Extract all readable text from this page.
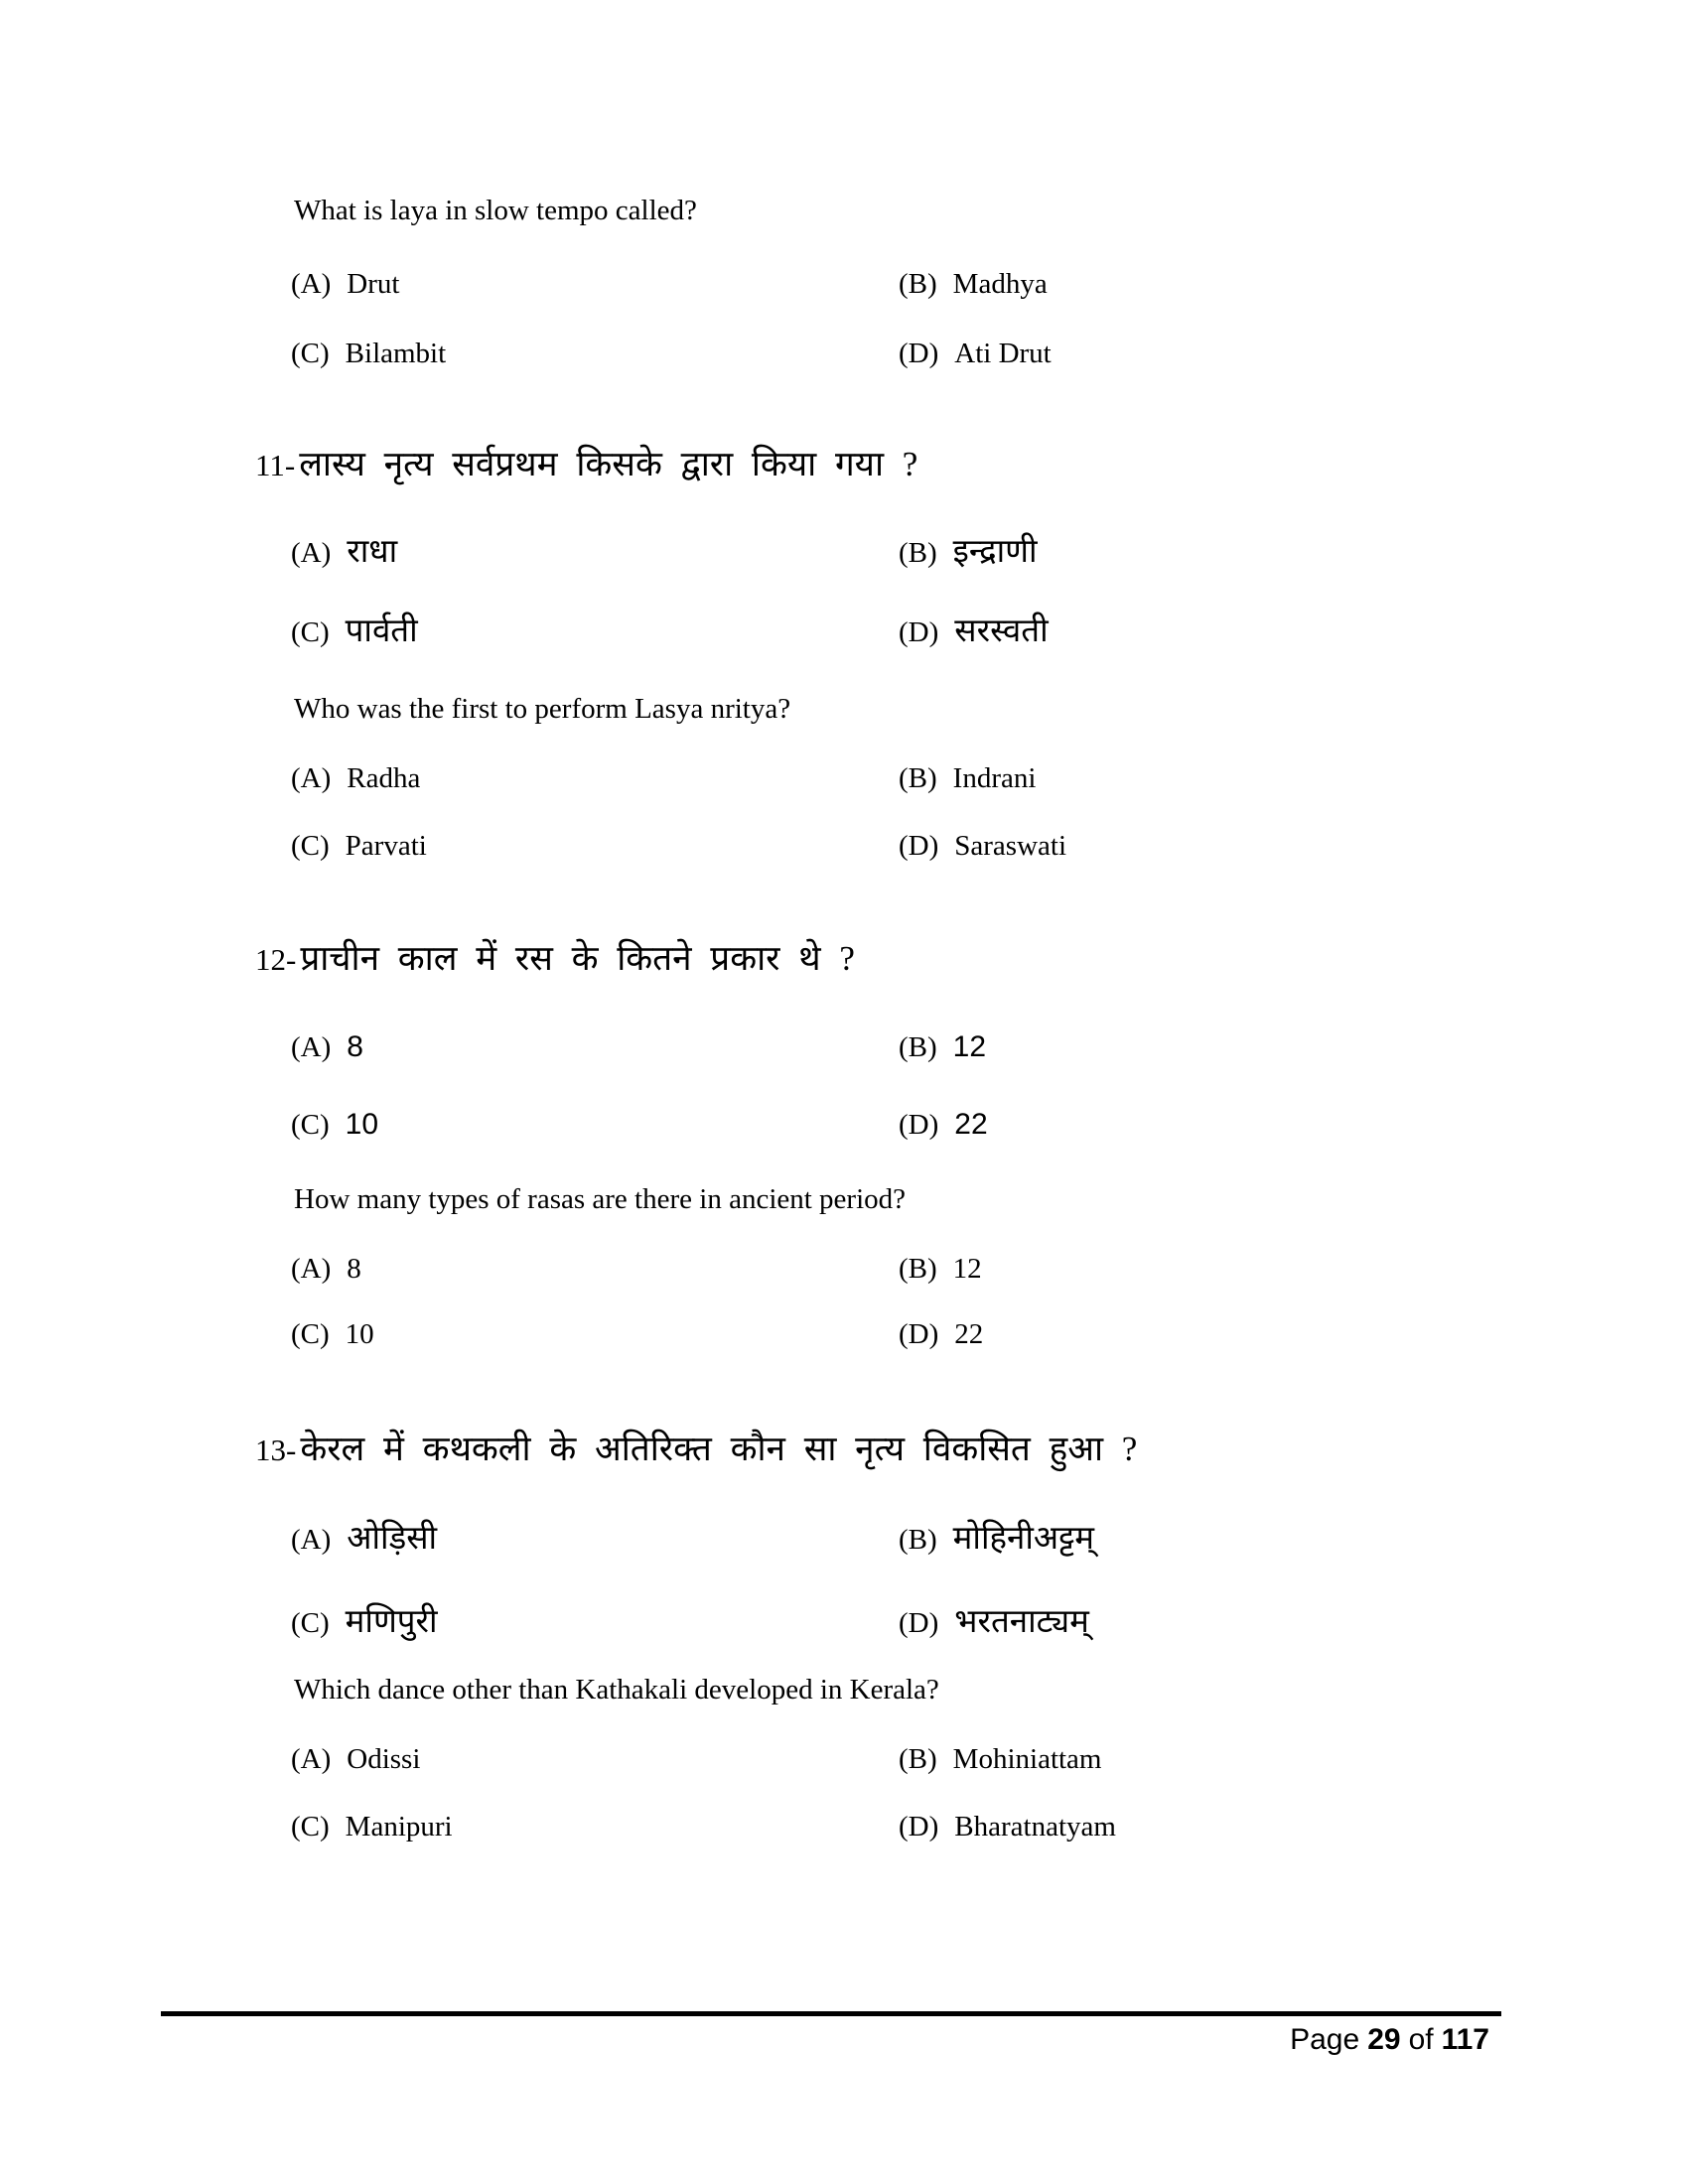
What is laya in slow tempo called?
(A) Drut	(B) Madhya
(C) Bilambit	(D) Ati Drut
11- लास्य नृत्य सर्वप्रथम किसके द्वारा किया गया ?
(A) राधा	(B) इन्द्राणी
(C) पार्वती	(D) सरस्वती
Who was the first to perform Lasya nritya?
(A) Radha	(B) Indrani
(C) Parvati	(D) Saraswati
12- प्राचीन काल में रस के कितने प्रकार थे ?
(A) 8	(B) 12
(C) 10	(D) 22
How many types of rasas are there in ancient period?
(A) 8	(B) 12
(C) 10	(D) 22
13- केरल में कथकली के अतिरिक्त कौन सा नृत्य विकसित हुआ ?
(A) ओड़िसी	(B) मोहिनीअट्टम्
(C) मणिपुरी	(D) भरतनाट्यम्
Which dance other than Kathakali developed in Kerala?
(A) Odissi	(B) Mohiniattam
(C) Manipuri	(D) Bharatnatyam
Page 29 of 117
